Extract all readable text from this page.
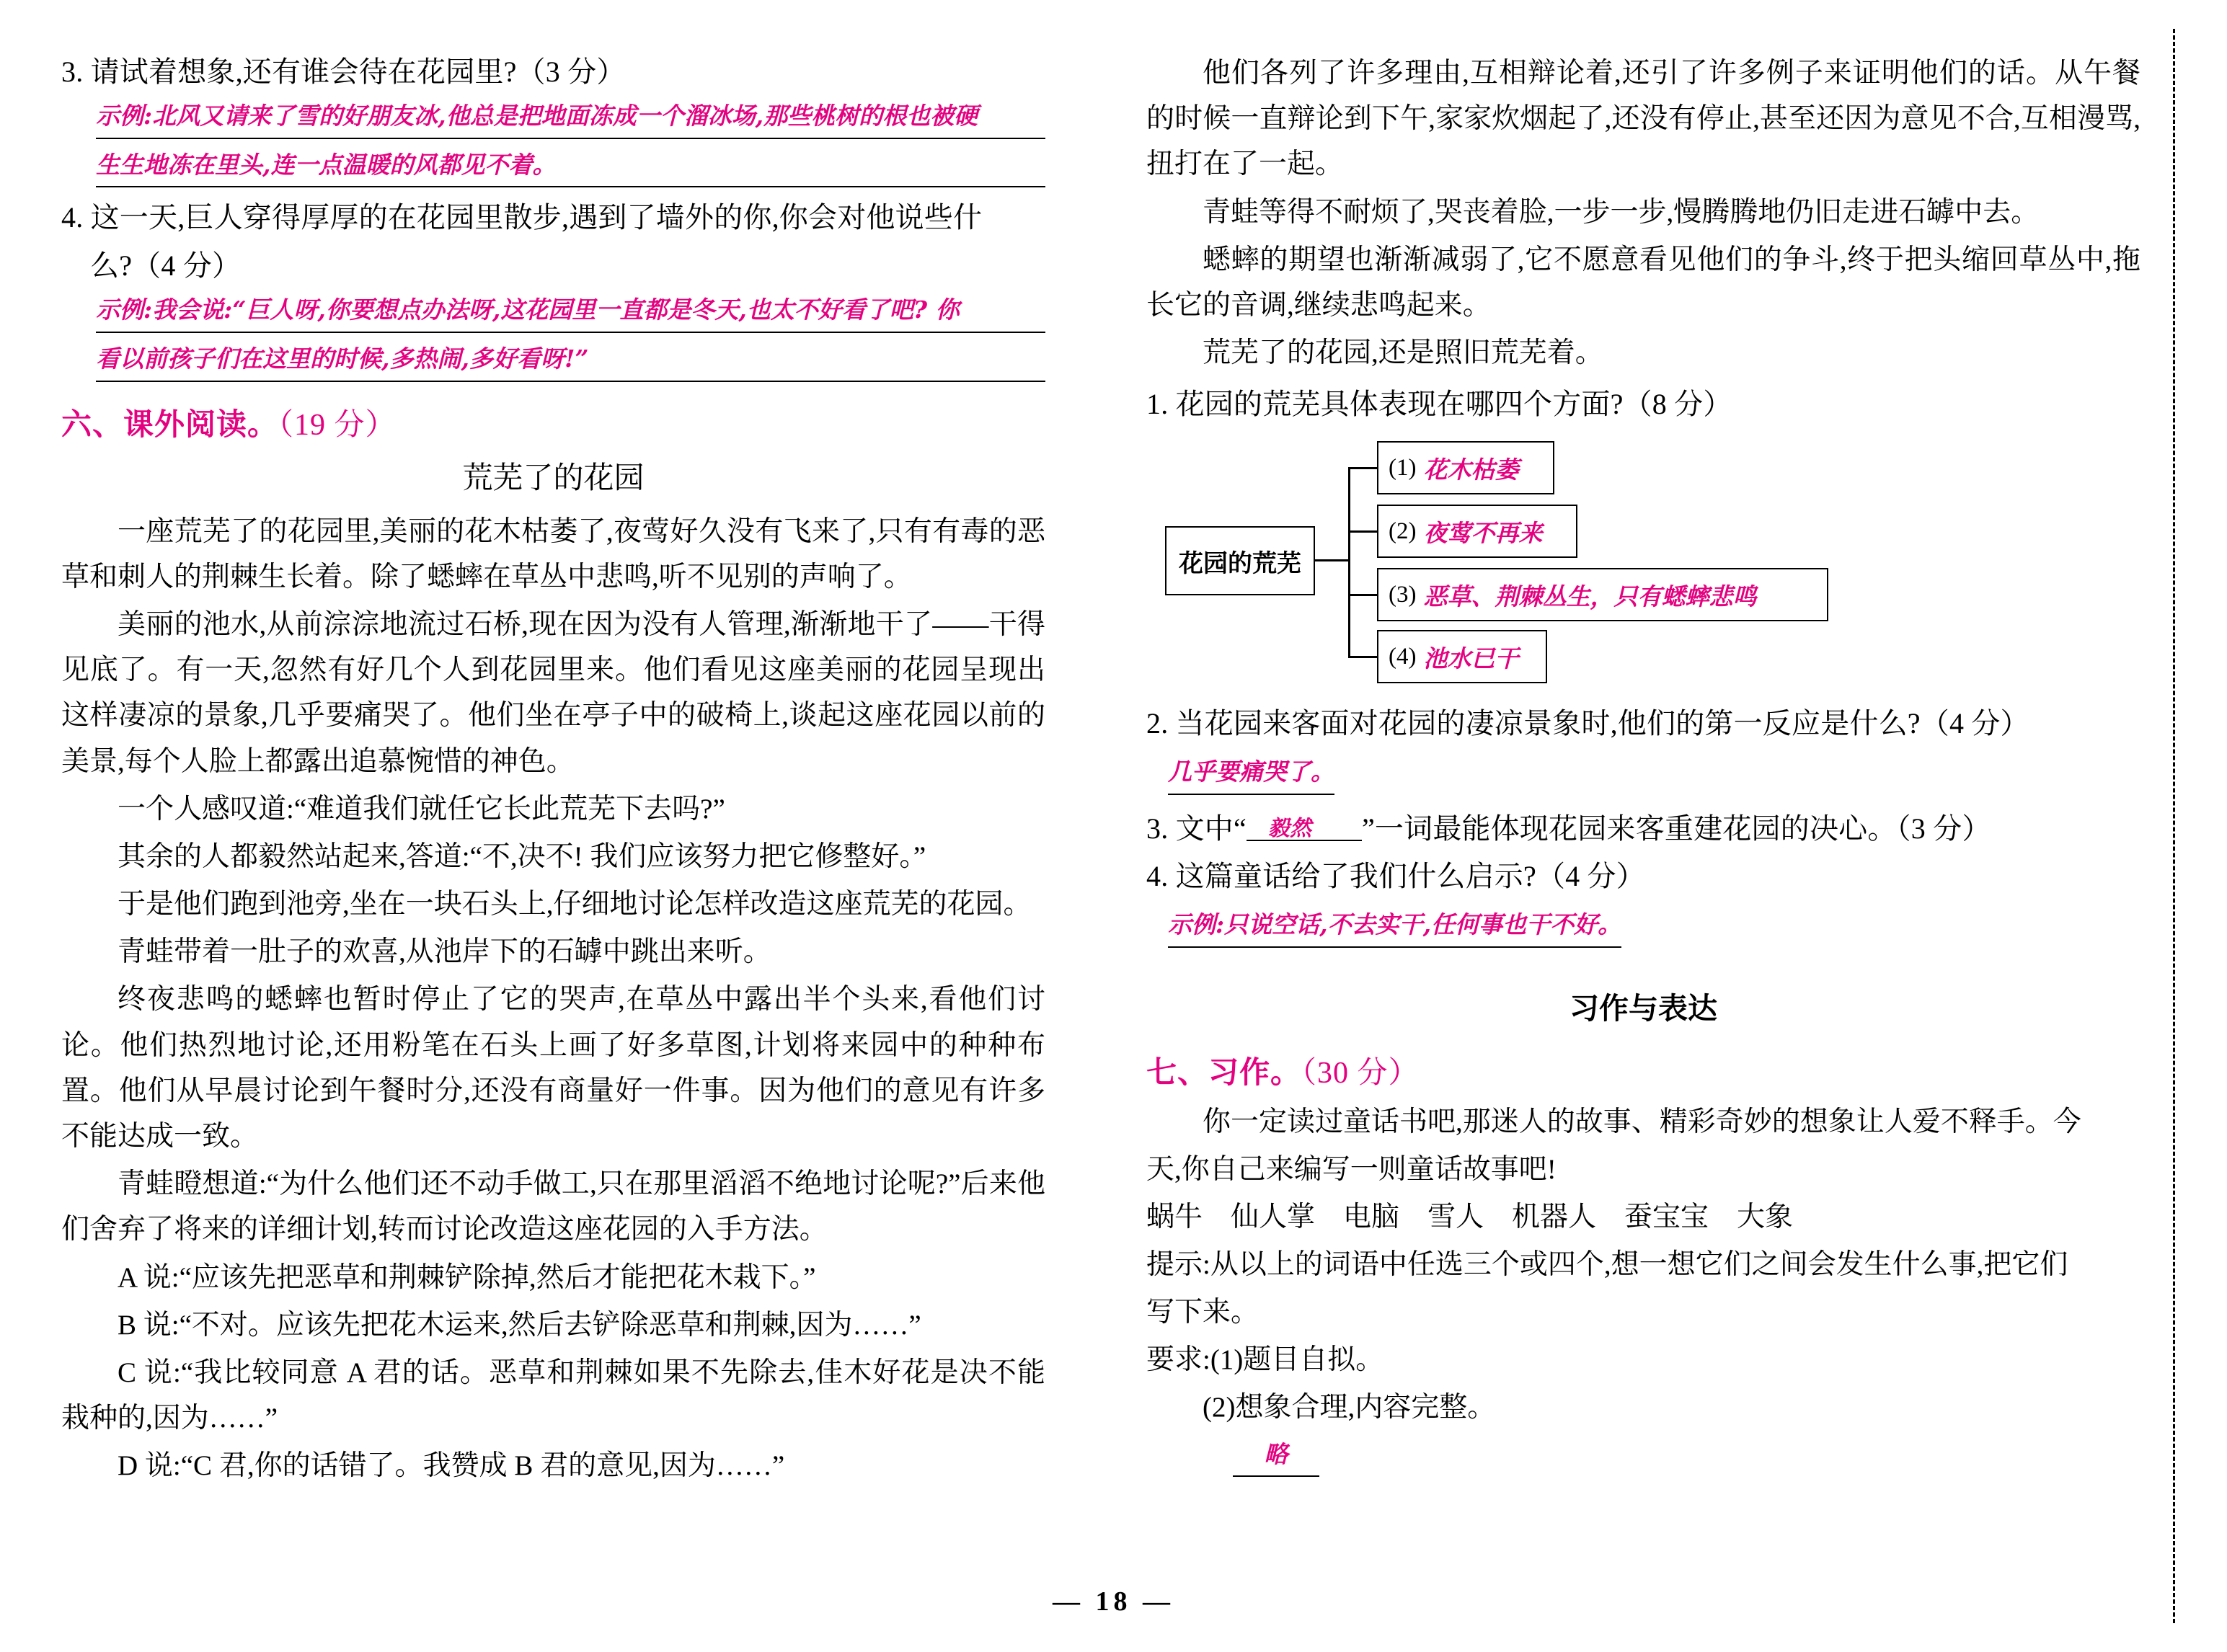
3. 请试着想象,还有谁会待在花园里?（3 分）

示例:北风又请来了雪的好朋友冰,他总是把地面冻成一个溜冰场,那些桃树的根也被硬
生生地冻在里头,连一点温暖的风都见不着。

4. 这一天,巨人穿得厚厚的在花园里散步,遇到了墙外的你,你会对他说些什

么?（4 分）

示例:我会说:“巨人呀,你要想点办法呀,这花园里一直都是冬天,也太不好看了吧? 你
看以前孩子们在这里的时候,多热闹,多好看呀!”
六、课外阅读。（19 分）
荒芜了的花园

一座荒芜了的花园里,美丽的花木枯萎了,夜莺好久没有飞来了,只有有毒的恶草和刺人的荆棘生长着。除了蟋蟀在草丛中悲鸣,听不见别的声响了。

美丽的池水,从前淙淙地流过石桥,现在因为没有人管理,渐渐地干了——干得见底了。有一天,忽然有好几个人到花园里来。他们看见这座美丽的花园呈现出这样凄凉的景象,几乎要痛哭了。他们坐在亭子中的破椅上,谈起这座花园以前的美景,每个人脸上都露出追慕惋惜的神色。

一个人感叹道:“难道我们就任它长此荒芜下去吗?”

其余的人都毅然站起来,答道:“不,决不! 我们应该努力把它修整好。”

于是他们跑到池旁,坐在一块石头上,仔细地讨论怎样改造这座荒芜的花园。

青蛙带着一肚子的欢喜,从池岸下的石罅中跳出来听。

终夜悲鸣的蟋蟀也暂时停止了它的哭声,在草丛中露出半个头来,看他们讨论。他们热烈地讨论,还用粉笔在石头上画了好多草图,计划将来园中的种种布置。他们从早晨讨论到午餐时分,还没有商量好一件事。因为他们的意见有许多不能达成一致。

青蛙瞪想道:“为什么他们还不动手做工,只在那里滔滔不绝地讨论呢?”后来他们舍弃了将来的详细计划,转而讨论改造这座花园的入手方法。

A 说:“应该先把恶草和荆棘铲除掉,然后才能把花木栽下。”

B 说:“不对。应该先把花木运来,然后去铲除恶草和荆棘,因为……”

C 说:“我比较同意 A 君的话。恶草和荆棘如果不先除去,佳木好花是决不能栽种的,因为……”

D 说:“C 君,你的话错了。我赞成 B 君的意见,因为……”

他们各列了许多理由,互相辩论着,还引了许多例子来证明他们的话。从午餐的时候一直辩论到下午,家家炊烟起了,还没有停止,甚至还因为意见不合,互相漫骂,扭打在了一起。

青蛙等得不耐烦了,哭丧着脸,一步一步,慢腾腾地仍旧走进石罅中去。

蟋蟀的期望也渐渐减弱了,它不愿意看见他们的争斗,终于把头缩回草丛中,拖长它的音调,继续悲鸣起来。

荒芜了的花园,还是照旧荒芜着。

1. 花园的荒芜具体表现在哪四个方面?（8 分）

花园的荒芜
(1) 花木枯萎
(2) 夜莺不再来
(3) 恶草、荆棘丛生，只有蟋蟀悲鸣
(4) 池水已干

2. 当花园来客面对花园的凄凉景象时,他们的第一反应是什么?（4 分）

几乎要痛哭了。

3. 文中“ 毅然 ”一词最能体现花园来客重建花园的决心。（3 分）

4. 这篇童话给了我们什么启示?（4 分）

示例:只说空话,不去实干,任何事也干不好。
习作与表达
七、习作。（30 分）

你一定读过童话书吧,那迷人的故事、精彩奇妙的想象让人爱不释手。今

天,你自己来编写一则童话故事吧!

蜗牛　仙人掌　电脑　雪人　机器人　蚕宝宝　大象

提示:从以上的词语中任选三个或四个,想一想它们之间会发生什么事,把它们

写下来。

要求:(1)题目自拟。

(2)想象合理,内容完整。

略
— 18 —
